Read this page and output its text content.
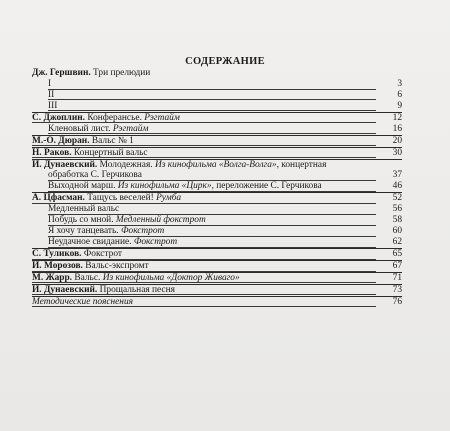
СОДЕРЖАНИЕ
Дж. Гершвин. Три прелюдии
I	3
II	6
III	9
С. Джоплин. Конферансье. Рэгтайм	12
Кленовый лист. Рэгтайм	16
М.-О. Дюран. Вальс № 1	20
Н. Раков. Концертный вальс	30
И. Дунаевский. Молодежная. Из кинофильма «Волга-Волга», концертная
обработка С. Герчикова	37
Выходной марш. Из кинофильма «Цирк», переложение С. Герчикова	46
А. Цфасман. Тащусь веселей! Румба	52
Медленный вальс	56
Побудь со мной. Медленный фокстрот	58
Я хочу танцевать. Фокстрот	60
Неудачное свидание. Фокстрот	62
С. Туликов. Фокстрот	65
И. Морозов. Вальс-экспромт	67
М. Жарр. Вальс. Из кинофильма «Доктор Живаго»	71
И. Дунаевский. Прощальная песня	73
Методические пояснения	76
